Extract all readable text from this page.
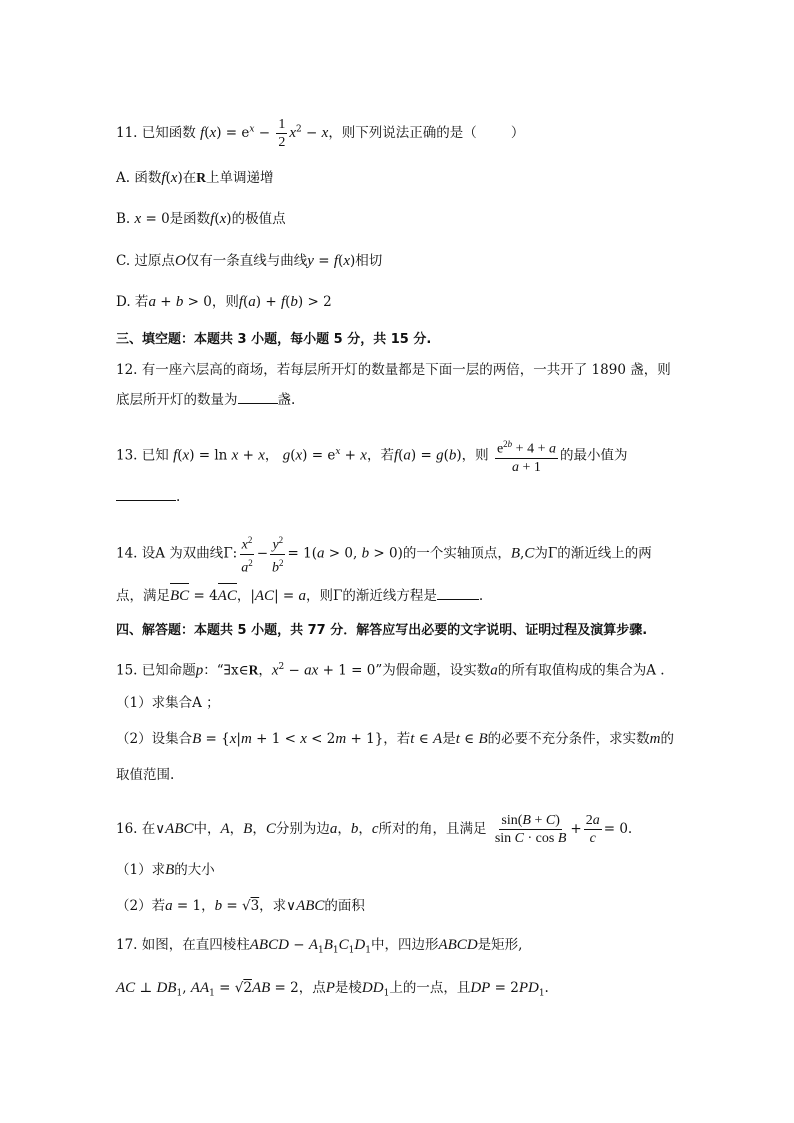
11. 已知函数 $f(x) = e^x - \frac{1}{2} x^2 - x$，则下列说法正确的是（	）
A. 函数f(x)在R上单调递增
B. x = 0是函数f(x)的极值点
C. 过原点O仅有一条直线与曲线y = f(x)相切
D. 若a + b > 0，则f(a) + f(b) > 2
三、填空题：本题共 3 小题，每小题 5 分，共 15 分.
12. 有一座六层高的商场，若每层所开灯的数量都是下面一层的两倍，一共开了 1890 盏，则
底层所开灯的数量为	盏.
13. 已知 f(x) = ln x + x， $g(x) = e^x + x$，若f(a) = g(b)，则 $\frac{e^{2b} + 4 + a}{a + 1}$ 的最小值为
.
14. 设A 为双曲线Γ: $\frac{x^2}{a^2} - \frac{y^2}{b^2} = 1(a > 0$, b > 0)的一个实轴顶点，B,C为Γ的渐近线上的两
点，满足BC = 4AC，|AC| = a，则Γ的渐近线方程是	.
四、解答题：本题共 5 小题，共 77 分．解答应写出必要的文字说明、证明过程及演算步骤.
15. 已知命题p：“∃x∈R，$x^2$ − ax + 1 = 0”为假命题，设实数a的所有取值构成的集合为A .
（1）求集合A ；
（2）设集合B = {x|m + 1 < x < 2m + 1}，若t ∈ A是t ∈ B的必要不充分条件，求实数m的
取值范围.
16. 在∨ABC中，A，B，C分别为边a，b，c所对的角，且满足 $\frac{\sin(B + C)}{\text{sin C · cos B}} + \frac{2a}{c} = 0$.
（1）求B的大小
（2）若a = 1，b = √3，求∨ABC的面积
17. 如图，在直四棱柱ABCD − $A_1B_1C_1D_1$中，四边形ABCD是矩形,
AC ⊥ $DB_1$, $AA_1 = √2AB = 2$，点P是棱$DD_1$上的一点，且DP = $2PD_1$.
